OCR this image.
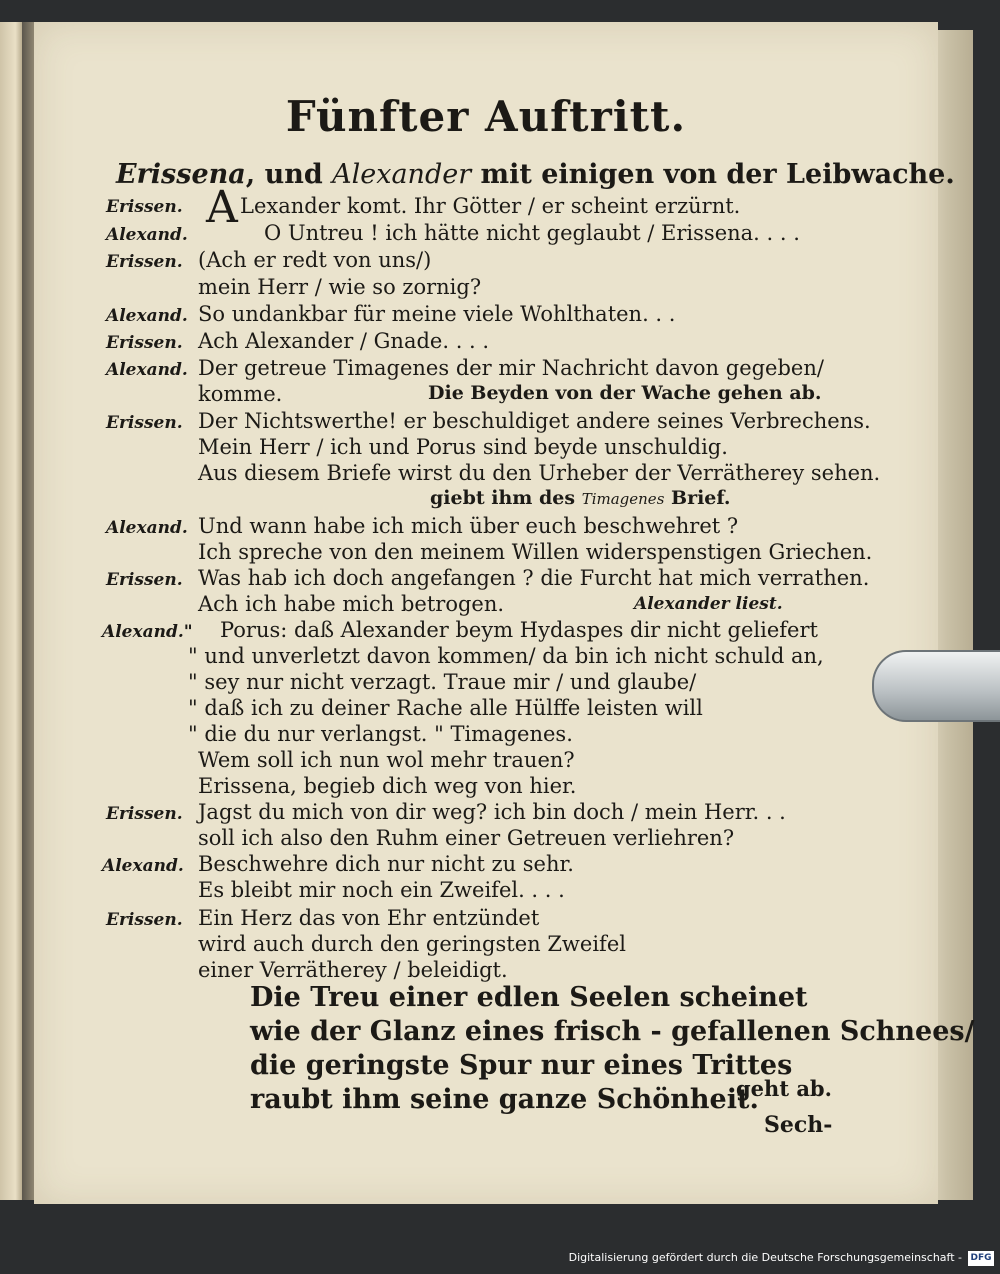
Fünfter Auftritt.
Erissena, und Alexander mit einigen von der Leibwache.
Erissen. A Lexander komt. Ihr Götter / er scheint erzürnt.
Alexand.	O Untreu ! ich hätte nicht geglaubt / Erissena. . . .
Erissen. (Ach er redt von uns/)
mein Herr / wie so zornig?
Alexand. So undankbar für meine viele Wohlthaten. . .
Erissen. Ach Alexander / Gnade. . . .
Alexand. Der getreue Timagenes der mir Nachricht davon gegeben/
komme.	Die Beyden von der Wache gehen ab.
Erissen. Der Nichtswerthe! er beschuldiget andere seines Verbrechens.
Mein Herr / ich und Porus sind beyde unschuldig.
Aus diesem Briefe wirst du den Urheber der Verrätherey sehen.
giebt ihm des Timagenes Brief.
Alexand. Und wann habe ich mich über euch beschwehret ?
Ich spreche von den meinem Willen widerspenstigen Griechen.
Erissen. Was hab ich doch angefangen ? die Furcht hat mich verrathen.
Ach ich habe mich betrogen.	Alexander liest.
Alexand." Porus: daß Alexander beym Hydaspes dir nicht geliefert
" und unverletzt davon kommen/ da bin ich nicht schuld an,
" sey nur nicht verzagt. Traue mir / und glaube/
" daß ich zu deiner Rache alle Hülffe leisten will
" die du nur verlangst. " Timagenes.
Wem soll ich nun wol mehr trauen?
Erissena, begieb dich weg von hier.
Erissen. Jagst du mich von dir weg? ich bin doch / mein Herr. . .
soll ich also den Ruhm einer Getreuen verliehren?
Alexand. Beschwehre dich nur nicht zu sehr.
Es bleibt mir noch ein Zweifel. . . .
Erissen. Ein Herz das von Ehr entzündet
wird auch durch den geringsten Zweifel
einer Verrätherey / beleidigt.
Die Treu einer edlen Seelen scheinet
wie der Glanz eines frisch - gefallenen Schnees/
die geringste Spur nur eines Trittes
raubt ihm seine ganze Schönheit.
geht ab.
Sech-
Digitalisierung gefördert durch die Deutsche Forschungsgemeinschaft - DFG
